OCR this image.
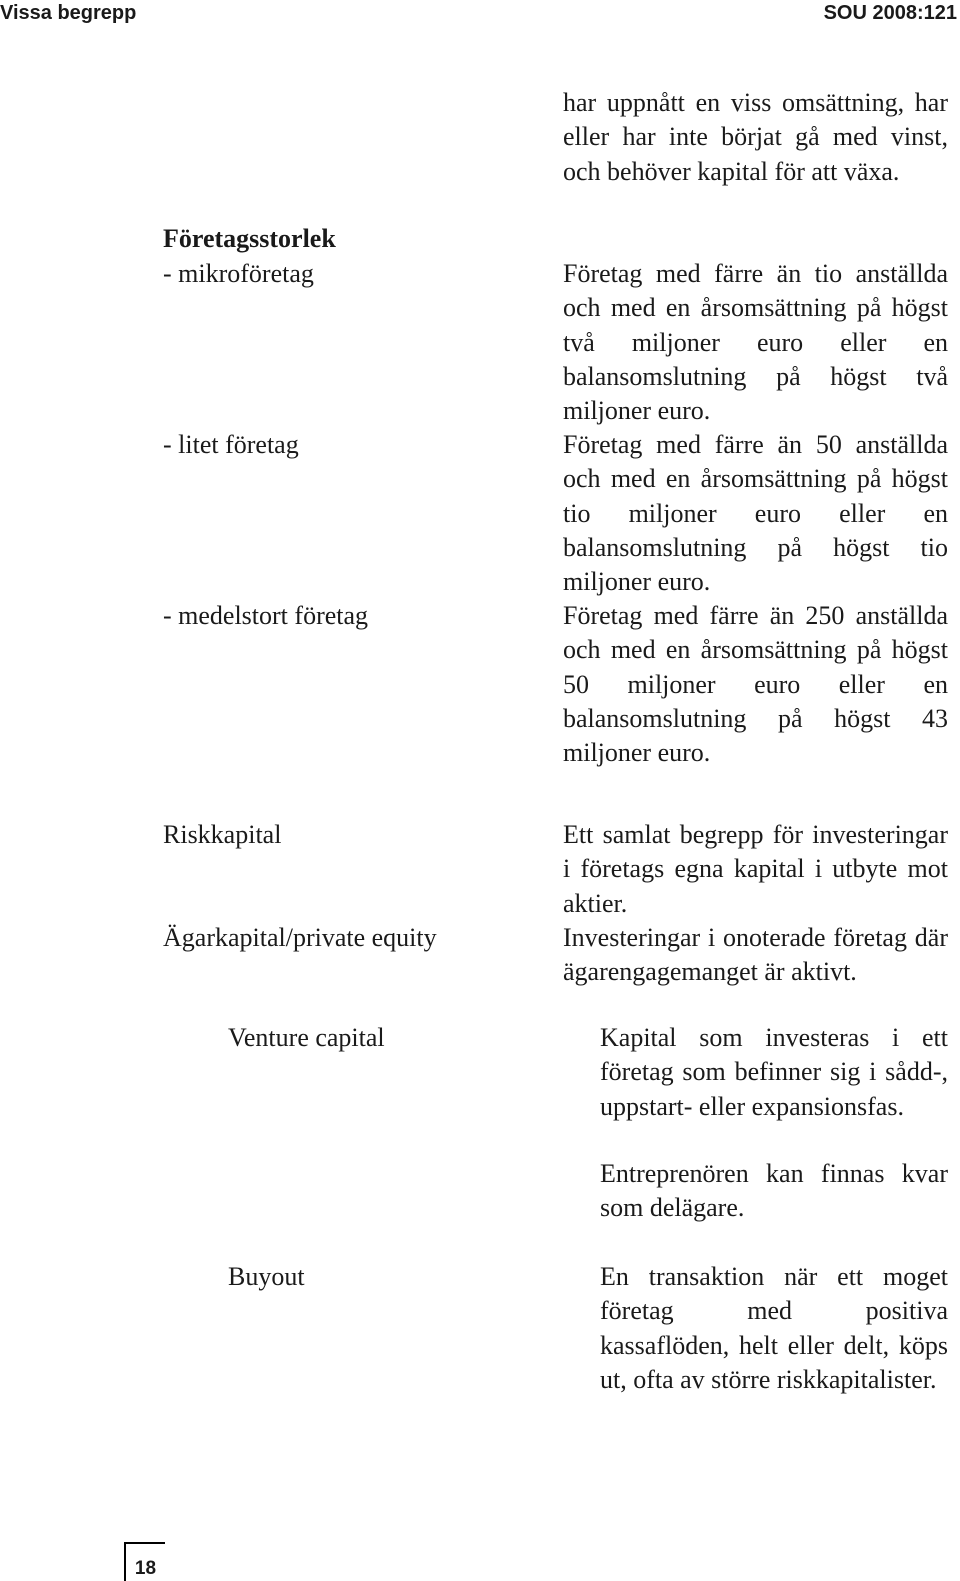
Vissa begrepp	SOU 2008:121
har uppnått en viss omsättning, har eller har inte börjat gå med vinst, och behöver kapital för att växa.
Företagsstorlek
- mikroföretag	Företag med färre än tio anställda och med en årsomsättning på högst två miljoner euro eller en balansomslutning på högst två miljoner euro.
- litet företag	Företag med färre än 50 anställda och med en årsomsättning på högst tio miljoner euro eller en balansomslutning på högst tio miljoner euro.
- medelstort företag	Företag med färre än 250 anställda och med en årsomsättning på högst 50 miljoner euro eller en balansomslutning på högst 43 miljoner euro.
Riskkapital	Ett samlat begrepp för investeringar i företags egna kapital i utbyte mot aktier.
Ägarkapital/private equity	Investeringar i onoterade företag där ägarengagemanget är aktivt.
Venture capital	Kapital som investeras i ett företag som befinner sig i sådd-, uppstart- eller expansionsfas.
Entreprenören kan finnas kvar som delägare.
Buyout	En transaktion när ett moget företag med positiva kassaflöden, helt eller delt, köps ut, ofta av större riskkapitalister.
18
